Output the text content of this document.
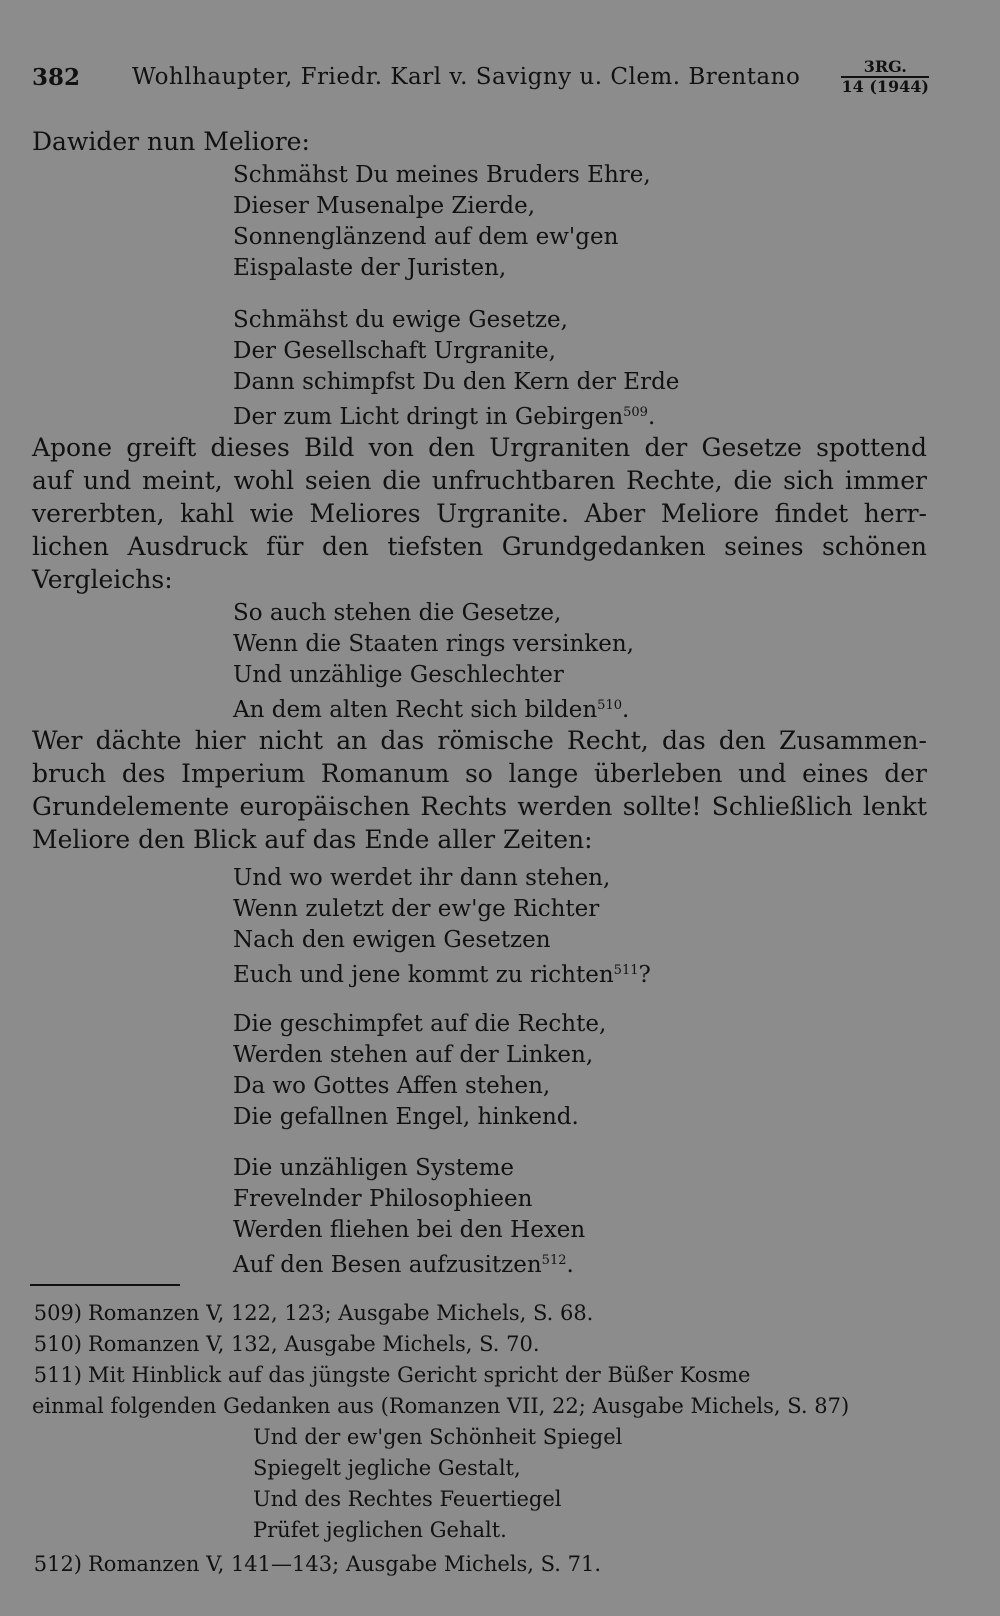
382 Wohlhaupter, Friedr. Karl v. Savigny u. Clem. Brentano	3RG.
14 (1944)
Dawider nun Meliore:
Schmähst Du meines Bruders Ehre,
Dieser Musenalpe Zierde,
Sonnenglänzend auf dem ew'gen
Eispalaste der Juristen,
Schmähst du ewige Gesetze,
Der Gesellschaft Urgranite,
Dann schimpfst Du den Kern der Erde
Der zum Licht dringt in Gebirgen$^{509}$.
Apone greift dieses Bild von den Urgraniten der Gesetze spottend
auf und meint, wohl seien die unfruchtbaren Rechte, die sich immer
vererbten, kahl wie Meliores Urgranite. Aber Meliore findet herr-
lichen Ausdruck für den tiefsten Grundgedanken seines schönen
Vergleichs:
So auch stehen die Gesetze,
Wenn die Staaten rings versinken,
Und unzählige Geschlechter
An dem alten Recht sich bilden$^{510}$.
Wer dächte hier nicht an das römische Recht, das den Zusammen-
bruch des Imperium Romanum so lange überleben und eines der
Grundelemente europäischen Rechts werden sollte! Schließlich lenkt
Meliore den Blick auf das Ende aller Zeiten:
Und wo werdet ihr dann stehen,
Wenn zuletzt der ew'ge Richter
Nach den ewigen Gesetzen
Euch und jene kommt zu richten$^{511}$?
Die geschimpfet auf die Rechte,
Werden stehen auf der Linken,
Da wo Gottes Affen stehen,
Die gefallnen Engel, hinkend.
Die unzähligen Systeme
Frevelnder Philosophieen
Werden fliehen bei den Hexen
Auf den Besen aufzusitzen$^{512}$.
509) Romanzen V, 122, 123; Ausgabe Michels, S. 68.
510) Romanzen V, 132, Ausgabe Michels, S. 70.
511) Mit Hinblick auf das jüngste Gericht spricht der Büßer Kosme
einmal folgenden Gedanken aus (Romanzen VII, 22; Ausgabe Michels, S. 87)
Und der ew'gen Schönheit Spiegel
Spiegelt jegliche Gestalt,
Und des Rechtes Feuertiegel
Prüfet jeglichen Gehalt.
512) Romanzen V, 141—143; Ausgabe Michels, S. 71.
